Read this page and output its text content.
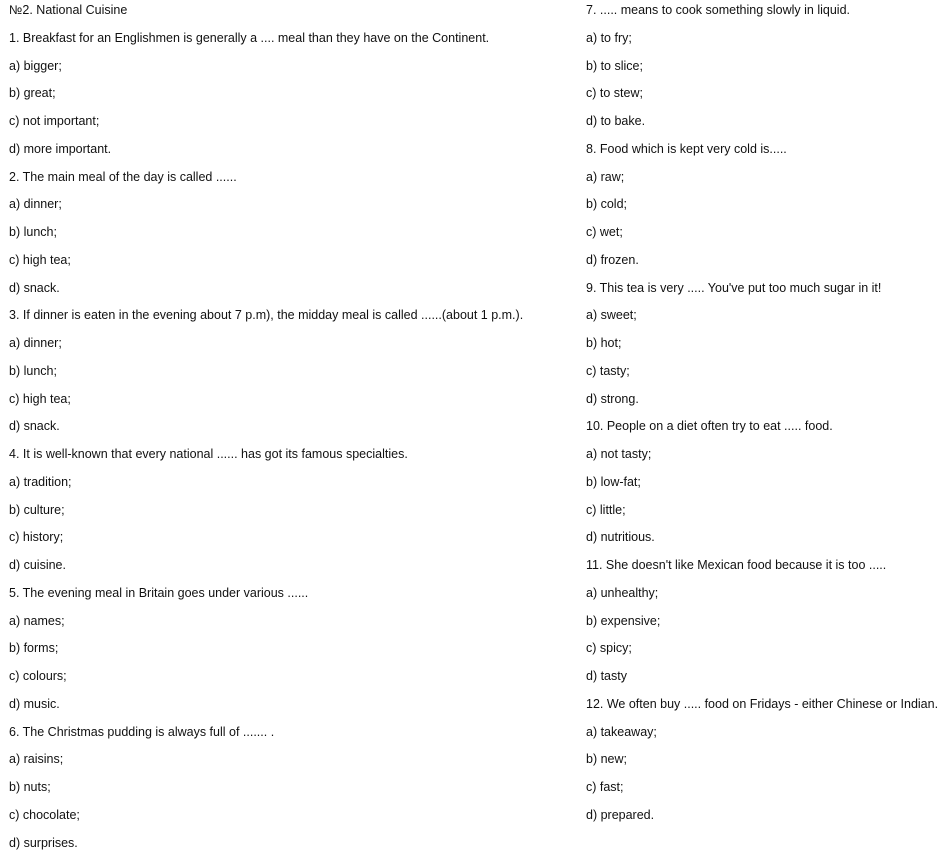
№2. National Cuisine
1. Breakfast for an Englishmen is generally a .... meal than they have on the Continent.
a) bigger;
b) great;
c) not important;
d) more important.
2. The main meal of the day is called ......
a) dinner;
b) lunch;
c) high tea;
d) snack.
3. If dinner is eaten in the evening about 7 p.m), the midday meal is called ......(about 1 p.m.).
a) dinner;
b) lunch;
c) high tea;
d) snack.
4. It is well-known that every national ...... has got its famous specialties.
a) tradition;
b) culture;
c) history;
d) cuisine.
5. The evening meal in Britain goes under various ......
a) names;
b) forms;
c) colours;
d) music.
6. The Christmas pudding is always full of ....... .
a) raisins;
b) nuts;
c) chocolate;
d) surprises.
7. ..... means to cook something slowly in liquid.
a) to fry;
b) to slice;
c) to stew;
d) to bake.
8. Food which is kept very cold is.....
a) raw;
b) cold;
c) wet;
d) frozen.
9. This tea is very ..... You've put too much sugar in it!
a) sweet;
b) hot;
c) tasty;
d) strong.
10. People on a diet often try to eat ..... food.
a) not tasty;
b) low-fat;
c) little;
d) nutritious.
11. She doesn't like Mexican food because it is too .....
a) unhealthy;
b) expensive;
c) spicy;
d) tasty
12. We often buy ..... food on Fridays - either Chinese or Indian.
a) takeaway;
b) new;
c) fast;
d) prepared.
